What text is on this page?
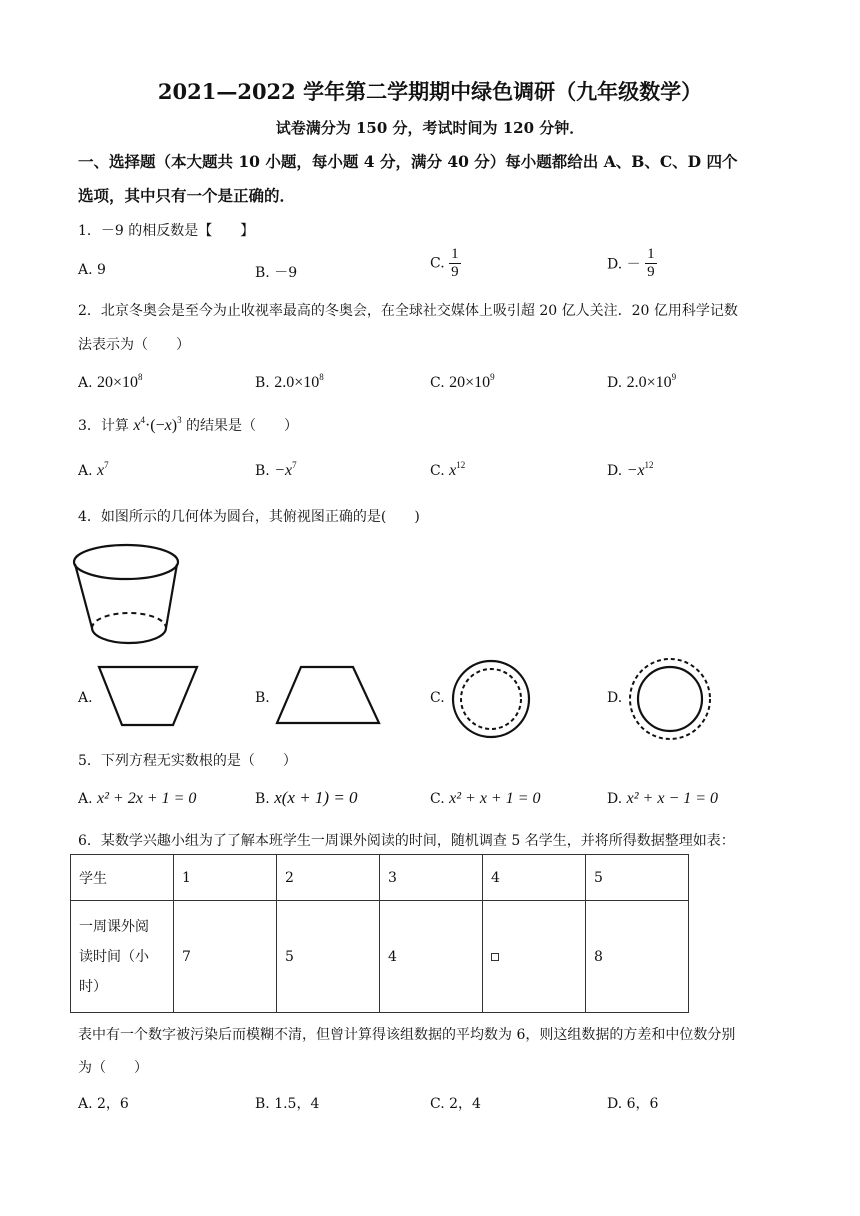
2021—2022 学年第二学期期中绿色调研（九年级数学）
试卷满分为 150 分，考试时间为 120 分钟．
一、选择题（本大题共 10 小题，每小题 4 分，满分 40 分）每小题都给出 A、B、C、D 四个
选项，其中只有一个是正确的．
1．－9 的相反数是【　　】
A. 9	B. －9
C. $\frac{1}{9}$	D. － $\frac{1}{9}$
2．北京冬奥会是至今为止收视率最高的冬奥会，在全球社交媒体上吸引超 20 亿人关注．20 亿用科学记数
法表示为（　　）
A. $20\times 10^8$	B. $2.0\times 10^8$	C. $20\times 10^9$	D. $2.0\times 10^9$
3．计算 $x^4\cdot(-x)^3$ 的结果是（　　）
A. $x^7$	B. $-x^7$	C. $x^{12}$	D. $-x^{12}$
4．如图所示的几何体为圆台，其俯视图正确的是(　　)
A.	B.	C.	D.
5．下列方程无实数根的是（　　）
A. x² + 2x + 1 = 0	B. x(x + 1) = 0	C. x² + x + 1 = 0	D. x² + x − 1 = 0
6．某数学兴趣小组为了了解本班学生一周课外阅读的时间，随机调查 5 名学生，并将所得数据整理如表：
学生	1	2	3	4	5

一周课外阅
读时间（小
时）	7	5	4		8
表中有一个数字被污染后而模糊不清，但曾计算得该组数据的平均数为 6，则这组数据的方差和中位数分别
为（　　）
A. 2，6	B. 1.5，4	C. 2，4	D. 6，6
